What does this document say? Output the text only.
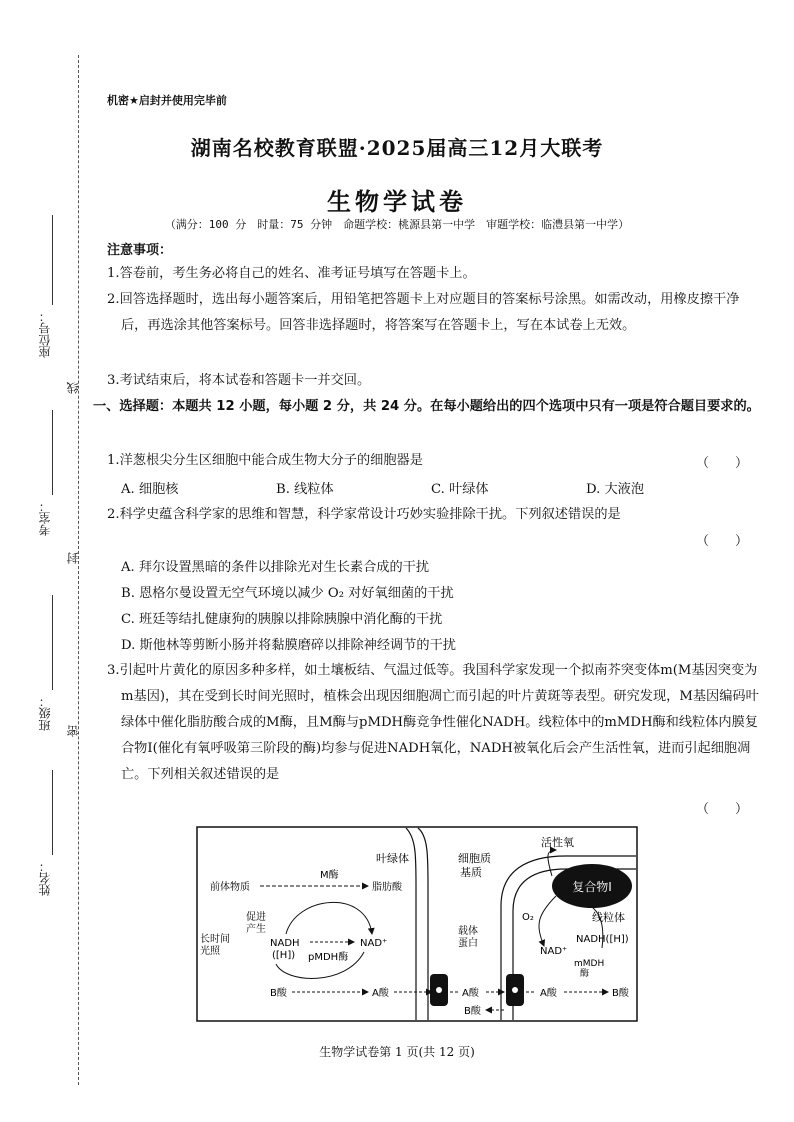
座位号：
考室：
班级：
姓名：
线
封
密
机密★启封并使用完毕前
湖南名校教育联盟·2025届高三12月大联考
生物学试卷
（满分：100 分　时量：75 分钟　命题学校：桃源县第一中学　审题学校：临澧县第一中学）
注意事项：
1.答卷前，考生务必将自己的姓名、准考证号填写在答题卡上。
2.回答选择题时，选出每小题答案后，用铅笔把答题卡上对应题目的答案标号涂黑。如需改动，用橡皮擦干净后，再选涂其他答案标号。回答非选择题时，将答案写在答题卡上，写在本试卷上无效。
3.考试结束后，将本试卷和答题卡一并交回。
一、选择题：本题共 12 小题，每小题 2 分，共 24 分。在每小题给出的四个选项中只有一项是符合题目要求的。
1.洋葱根尖分生区细胞中能合成生物大分子的细胞器是	（　　）
A. 细胞核	B. 线粒体	C. 叶绿体	D. 大液泡
2.科学史蕴含科学家的思维和智慧，科学家常设计巧妙实验排除干扰。下列叙述错误的是
（　　）
A. 拜尔设置黑暗的条件以排除光对生长素合成的干扰
B. 恩格尔曼设置无空气环境以减少 O₂ 对好氧细菌的干扰
C. 班廷等结扎健康狗的胰腺以排除胰腺中消化酶的干扰
D. 斯他林等剪断小肠并将黏膜磨碎以排除神经调节的干扰
3.引起叶片黄化的原因多种多样，如土壤板结、气温过低等。我国科学家发现一个拟南芥突变体m(M基因突变为m基因)，其在受到长时间光照时，植株会出现因细胞凋亡而引起的叶片黄斑等表型。研究发现，M基因编码叶绿体中催化脂肪酸合成的M酶，且M酶与pMDH酶竞争性催化NADH。线粒体中的mMDH酶和线粒体内膜复合物Ⅰ(催化有氧呼吸第三阶段的酶)均参与促进NADH氧化，NADH被氧化后会产生活性氧，进而引起细胞凋亡。下列相关叙述错误的是
（　　）
复合物Ⅰ
叶绿体	细胞质
基质
活性氧
线粒体
O₂
M酶
前体物质	脂肪酸
促进
产生
长时间
光照
NADH
([H])
NAD⁺
pMDH酶
B酸	A酸
载体
蛋白
A酸
B酸
NAD⁺
NADH([H])
mMDH
酶
A酸	B酸
生物学试卷第 1 页(共 12 页)
